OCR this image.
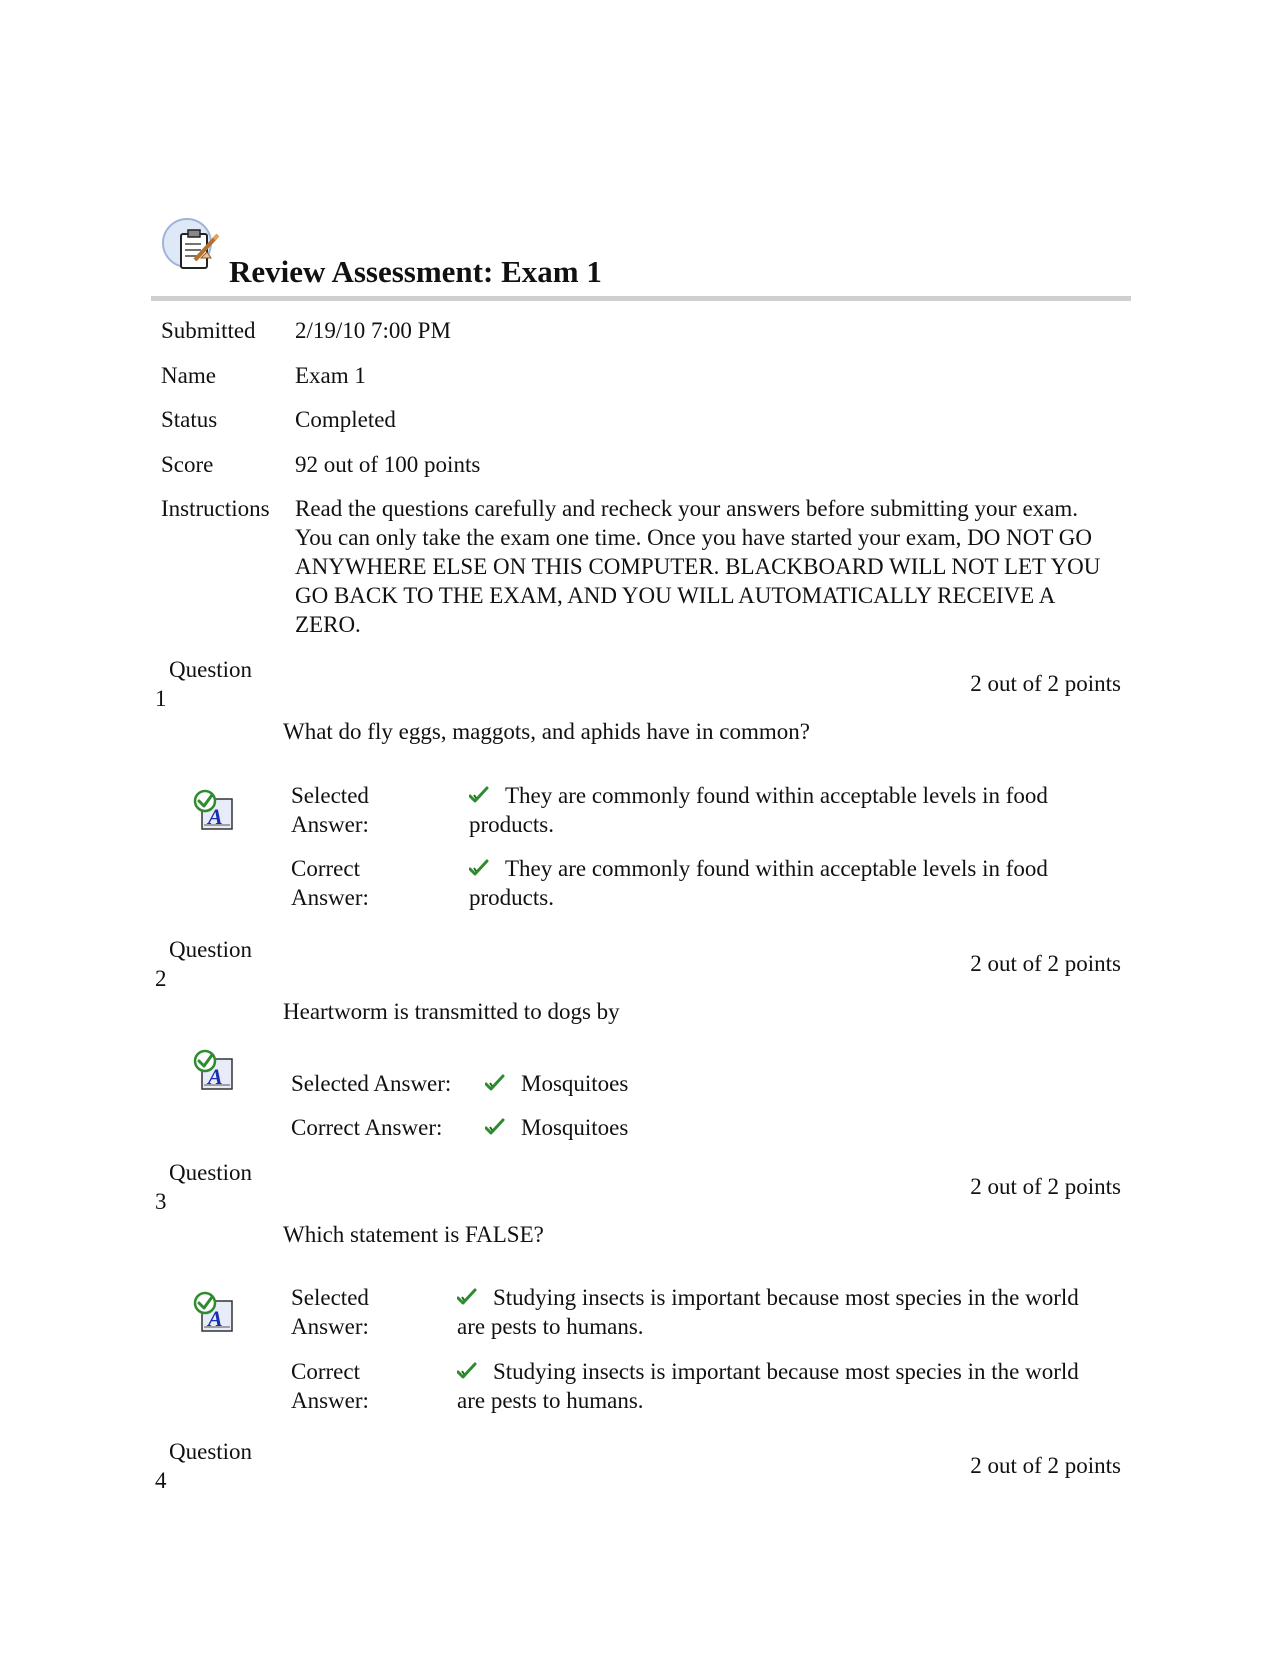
Review Assessment: Exam 1
Submitted	2/19/10 7:00 PM
Name	Exam 1
Status	Completed
Score	92 out of 100 points
Instructions Read the questions carefully and recheck your answers before submitting your exam. You can only take the exam one time. Once you have started your exam, DO NOT GO ANYWHERE ELSE ON THIS COMPUTER. BLACKBOARD WILL NOT LET YOU GO BACK TO THE EXAM, AND YOU WILL AUTOMATICALLY RECEIVE A ZERO.
Question
1
2 out of 2 points
What do fly eggs, maggots, and aphids have in common?
Selected Answer:
They are commonly found within acceptable levels in food products.
Correct Answer:
They are commonly found within acceptable levels in food products.
Question
2
2 out of 2 points
Heartworm is transmitted to dogs by
Selected Answer:	Mosquitoes
Correct Answer:	Mosquitoes
Question
3
2 out of 2 points
Which statement is FALSE?
Selected Answer:
Studying insects is important because most species in the world are pests to humans.
Correct Answer:
Studying insects is important because most species in the world are pests to humans.
Question
4
2 out of 2 points
